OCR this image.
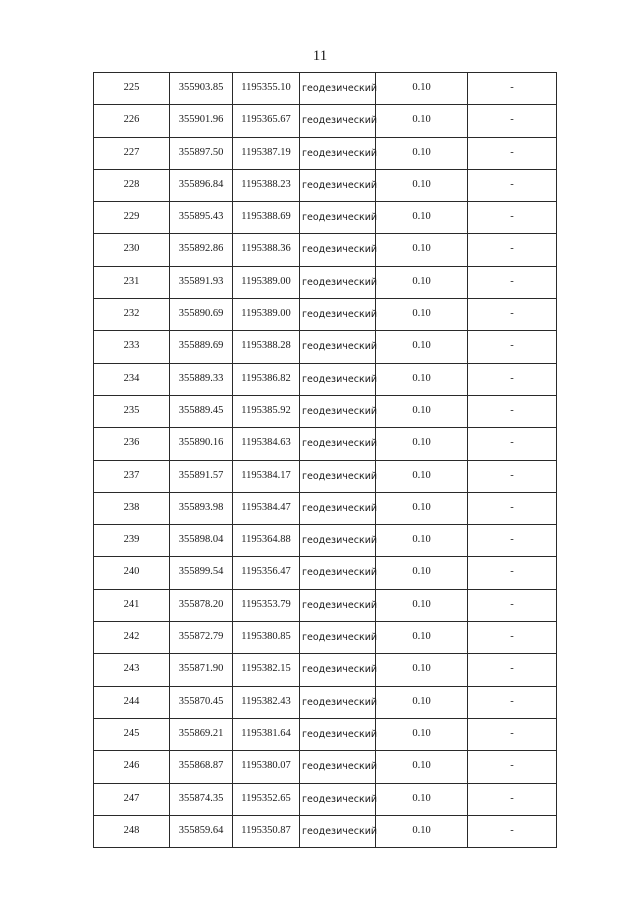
11
225	355903.85	1195355.10	геодезический	0.10	-
226	355901.96	1195365.67	геодезический	0.10	-
227	355897.50	1195387.19	геодезический	0.10	-
228	355896.84	1195388.23	геодезический	0.10	-
229	355895.43	1195388.69	геодезический	0.10	-
230	355892.86	1195388.36	геодезический	0.10	-
231	355891.93	1195389.00	геодезический	0.10	-
232	355890.69	1195389.00	геодезический	0.10	-
233	355889.69	1195388.28	геодезический	0.10	-
234	355889.33	1195386.82	геодезический	0.10	-
235	355889.45	1195385.92	геодезический	0.10	-
236	355890.16	1195384.63	геодезический	0.10	-
237	355891.57	1195384.17	геодезический	0.10	-
238	355893.98	1195384.47	геодезический	0.10	-
239	355898.04	1195364.88	геодезический	0.10	-
240	355899.54	1195356.47	геодезический	0.10	-
241	355878.20	1195353.79	геодезический	0.10	-
242	355872.79	1195380.85	геодезический	0.10	-
243	355871.90	1195382.15	геодезический	0.10	-
244	355870.45	1195382.43	геодезический	0.10	-
245	355869.21	1195381.64	геодезический	0.10	-
246	355868.87	1195380.07	геодезический	0.10	-
247	355874.35	1195352.65	геодезический	0.10	-
248	355859.64	1195350.87	геодезический	0.10	-
